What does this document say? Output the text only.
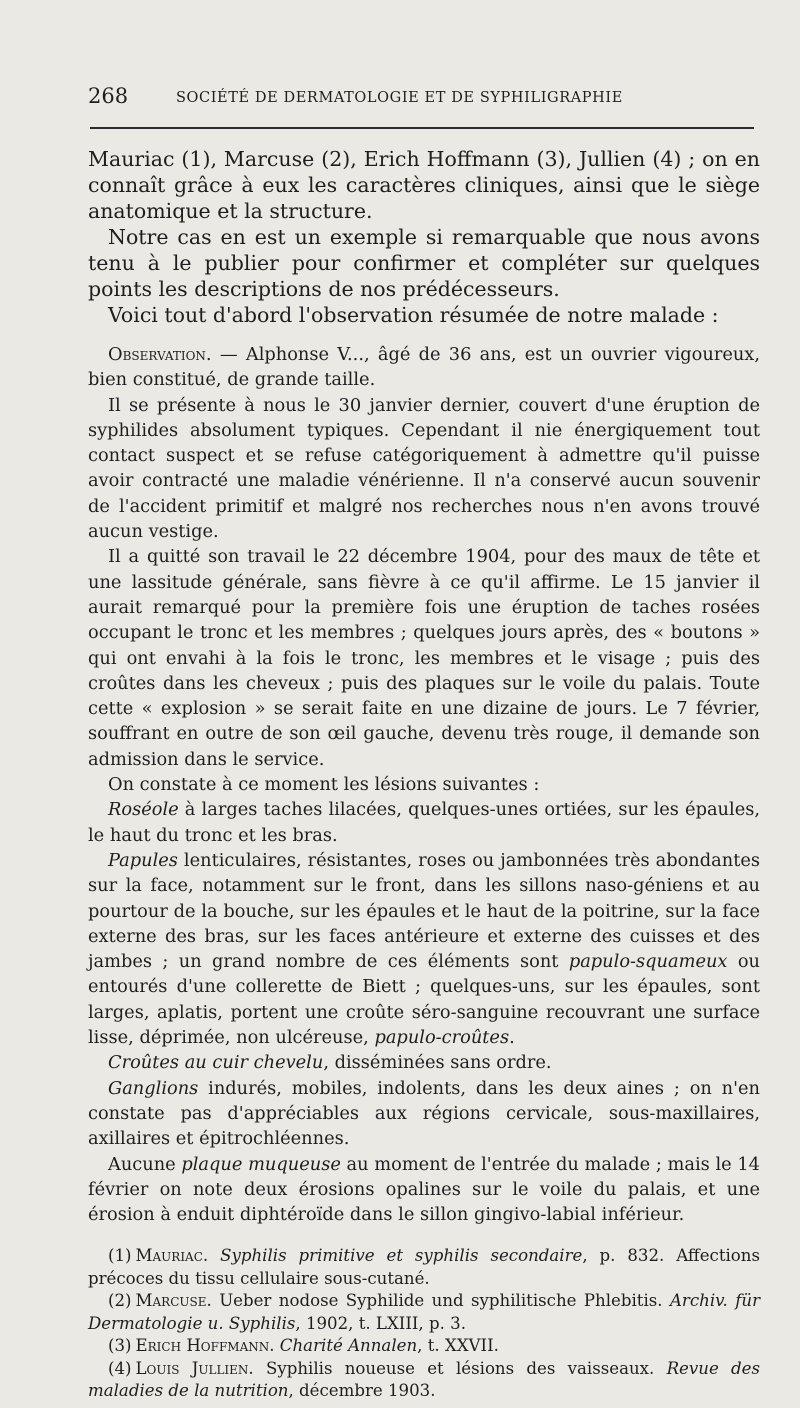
268	SOCIÉTÉ DE DERMATOLOGIE ET DE SYPHILIGRAPHIE

Mauriac (1), Marcuse (2), Erich Hoffmann (3), Jullien (4) ; on en connaît grâce à eux les caractères cliniques, ainsi que le siège anatomique et la structure.

Notre cas en est un exemple si remarquable que nous avons tenu à le publier pour confirmer et compléter sur quelques points les descriptions de nos prédécesseurs.

Voici tout d'abord l'observation résumée de notre malade :

Observation. — Alphonse V..., âgé de 36 ans, est un ouvrier vigoureux, bien constitué, de grande taille.

Il se présente à nous le 30 janvier dernier, couvert d'une éruption de syphilides absolument typiques. Cependant il nie énergiquement tout contact suspect et se refuse catégoriquement à admettre qu'il puisse avoir contracté une maladie vénérienne. Il n'a conservé aucun souvenir de l'accident primitif et malgré nos recherches nous n'en avons trouvé aucun vestige.

Il a quitté son travail le 22 décembre 1904, pour des maux de tête et une lassitude générale, sans fièvre à ce qu'il affirme. Le 15 janvier il aurait remarqué pour la première fois une éruption de taches rosées occupant le tronc et les membres ; quelques jours après, des « boutons » qui ont envahi à la fois le tronc, les membres et le visage ; puis des croûtes dans les cheveux ; puis des plaques sur le voile du palais. Toute cette « explosion » se serait faite en une dizaine de jours. Le 7 février, souffrant en outre de son œil gauche, devenu très rouge, il demande son admission dans le service.

On constate à ce moment les lésions suivantes :

Roséole à larges taches lilacées, quelques-unes ortiées, sur les épaules, le haut du tronc et les bras.

Papules lenticulaires, résistantes, roses ou jambonnées très abondantes sur la face, notamment sur le front, dans les sillons naso-géniens et au pourtour de la bouche, sur les épaules et le haut de la poitrine, sur la face externe des bras, sur les faces antérieure et externe des cuisses et des jambes ; un grand nombre de ces éléments sont papulo-squameux ou entourés d'une collerette de Biett ; quelques-uns, sur les épaules, sont larges, aplatis, portent une croûte séro-sanguine recouvrant une surface lisse, déprimée, non ulcéreuse, papulo-croûtes.

Croûtes au cuir chevelu, disséminées sans ordre.

Ganglions indurés, mobiles, indolents, dans les deux aines ; on n'en constate pas d'appréciables aux régions cervicale, sous-maxillaires, axillaires et épitrochléennes.

Aucune plaque muqueuse au moment de l'entrée du malade ; mais le 14 février on note deux érosions opalines sur le voile du palais, et une érosion à enduit diphtéroïde dans le sillon gingivo-labial inférieur.

(1) Mauriac. Syphilis primitive et syphilis secondaire, p. 832. Affections précoces du tissu cellulaire sous-cutané.

(2) Marcuse. Ueber nodose Syphilide und syphilitische Phlebitis. Archiv. für Dermatologie u. Syphilis, 1902, t. LXIII, p. 3.

(3) Erich Hoffmann. Charité Annalen, t. XXVII.

(4) Louis Jullien. Syphilis noueuse et lésions des vaisseaux. Revue des maladies de la nutrition, décembre 1903.
